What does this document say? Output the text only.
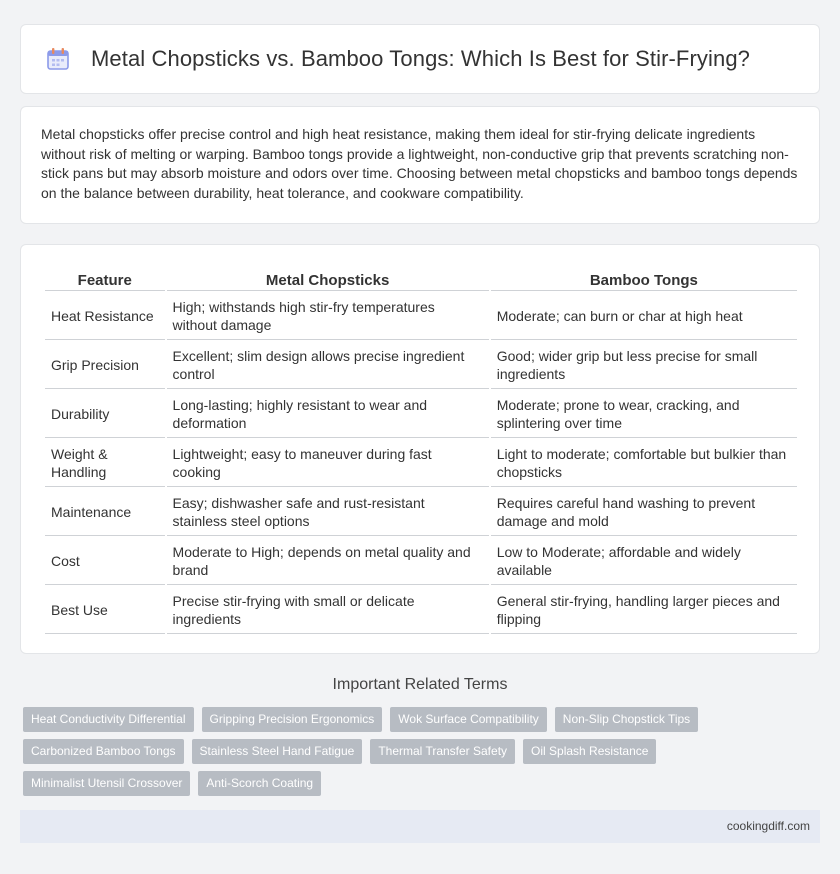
Metal Chopsticks vs. Bamboo Tongs: Which Is Best for Stir-Frying?

Metal chopsticks offer precise control and high heat resistance, making them ideal for stir-frying delicate ingredients without risk of melting or warping. Bamboo tongs provide a lightweight, non-conductive grip that prevents scratching non-stick pans but may absorb moisture and odors over time. Choosing between metal chopsticks and bamboo tongs depends on the balance between durability, heat tolerance, and cookware compatibility.

Feature	Metal Chopsticks	Bamboo Tongs
Heat Resistance	High; withstands high stir-fry temperatures without damage	Moderate; can burn or char at high heat
Grip Precision	Excellent; slim design allows precise ingredient control	Good; wider grip but less precise for small ingredients
Durability	Long-lasting; highly resistant to wear and deformation	Moderate; prone to wear, cracking, and splintering over time
Weight & Handling	Lightweight; easy to maneuver during fast cooking	Light to moderate; comfortable but bulkier than chopsticks
Maintenance	Easy; dishwasher safe and rust-resistant stainless steel options	Requires careful hand washing to prevent damage and mold
Cost	Moderate to High; depends on metal quality and brand	Low to Moderate; affordable and widely available
Best Use	Precise stir-frying with small or delicate ingredients	General stir-frying, handling larger pieces and flipping
Important Related Terms
Heat Conductivity Differential	Gripping Precision Ergonomics	Wok Surface Compatibility	Non-Slip Chopstick Tips
Carbonized Bamboo Tongs	Stainless Steel Hand Fatigue	Thermal Transfer Safety	Oil Splash Resistance
Minimalist Utensil Crossover	Anti-Scorch Coating
cookingdiff.com
